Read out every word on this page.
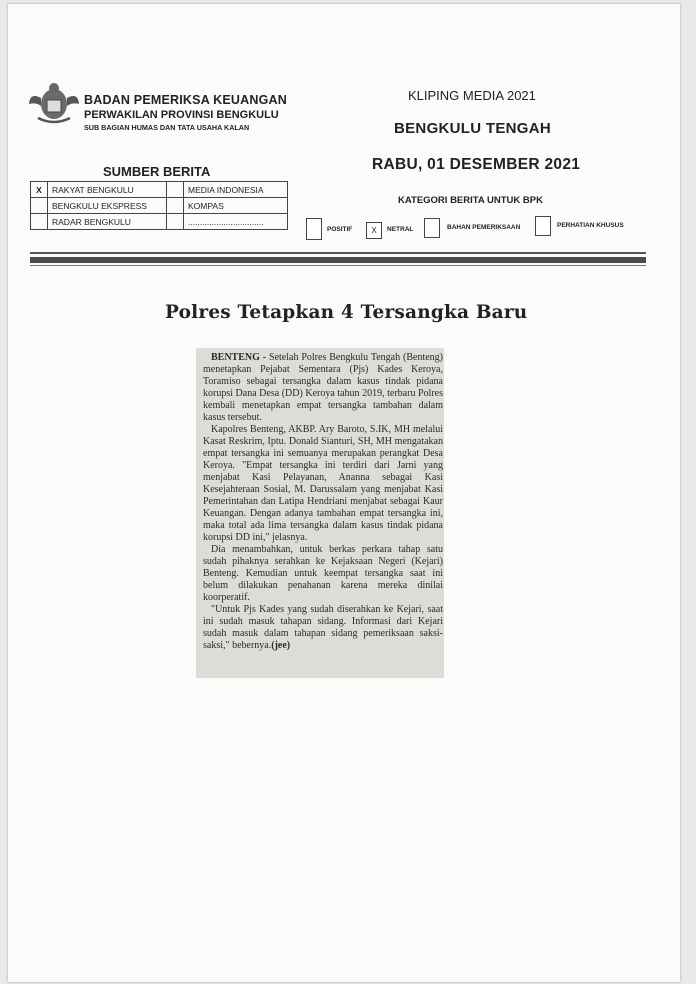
BADAN PEMERIKSA KEUANGAN
PERWAKILAN PROVINSI BENGKULU
SUB BAGIAN HUMAS DAN TATA USAHA KALAN
KLIPING MEDIA 2021
BENGKULU TENGAH
RABU, 01 DESEMBER 2021
SUMBER BERITA
X	RAKYAT BENGKULU		MEDIA INDONESIA
	BENGKULU EKSPRESS		KOMPAS
	RADAR BENGKULU		................................
KATEGORI BERITA UNTUK BPK
POSITIF	X	NETRAL	BAHAN PEMERIKSAAN	PERHATIAN KHUSUS
Polres Tetapkan 4 Tersangka Baru

BENTENG - Setelah Polres Bengkulu Tengah (Benteng) menetapkan Pejabat Sementara (Pjs) Kades Keroya, Toramiso sebagai tersangka dalam kasus tindak pidana korupsi Dana Desa (DD) Keroya tahun 2019, terbaru Polres kembali menetapkan empat tersangka tambahan dalam kasus tersebut.

Kapolres Benteng, AKBP. Ary Baroto, S.IK, MH melalui Kasat Reskrim, Iptu. Donald Sianturi, SH, MH mengatakan empat tersangka ini semuanya merupakan perangkat Desa Keroya. "Empat tersangka ini terdiri dari Jarni yang menjabat Kasi Pelayanan, Ananna sebagai Kasi Kesejahteraan Sosial, M. Darussalam yang menjabat Kasi Pemerintahan dan Latipa Hendriani menjabat sebagai Kaur Keuangan. Dengan adanya tambahan empat tersangka ini, maka total ada lima tersangka dalam kasus tindak pidana korupsi DD ini," jelasnya.

Dia menambahkan, untuk berkas perkara tahap satu sudah pihaknya serahkan ke Kejaksaan Negeri (Kejari) Benteng. Kemudian untuk keempat tersangka saat ini belum dilakukan penahanan karena mereka dinilai koorperatif.

"Untuk Pjs Kades yang sudah diserahkan ke Kejari, saat ini sudah masuk tahapan sidang. Informasi dari Kejari sudah masuk dalam tahapan sidang pemeriksaan saksi-saksi," bebernya.(jee)
